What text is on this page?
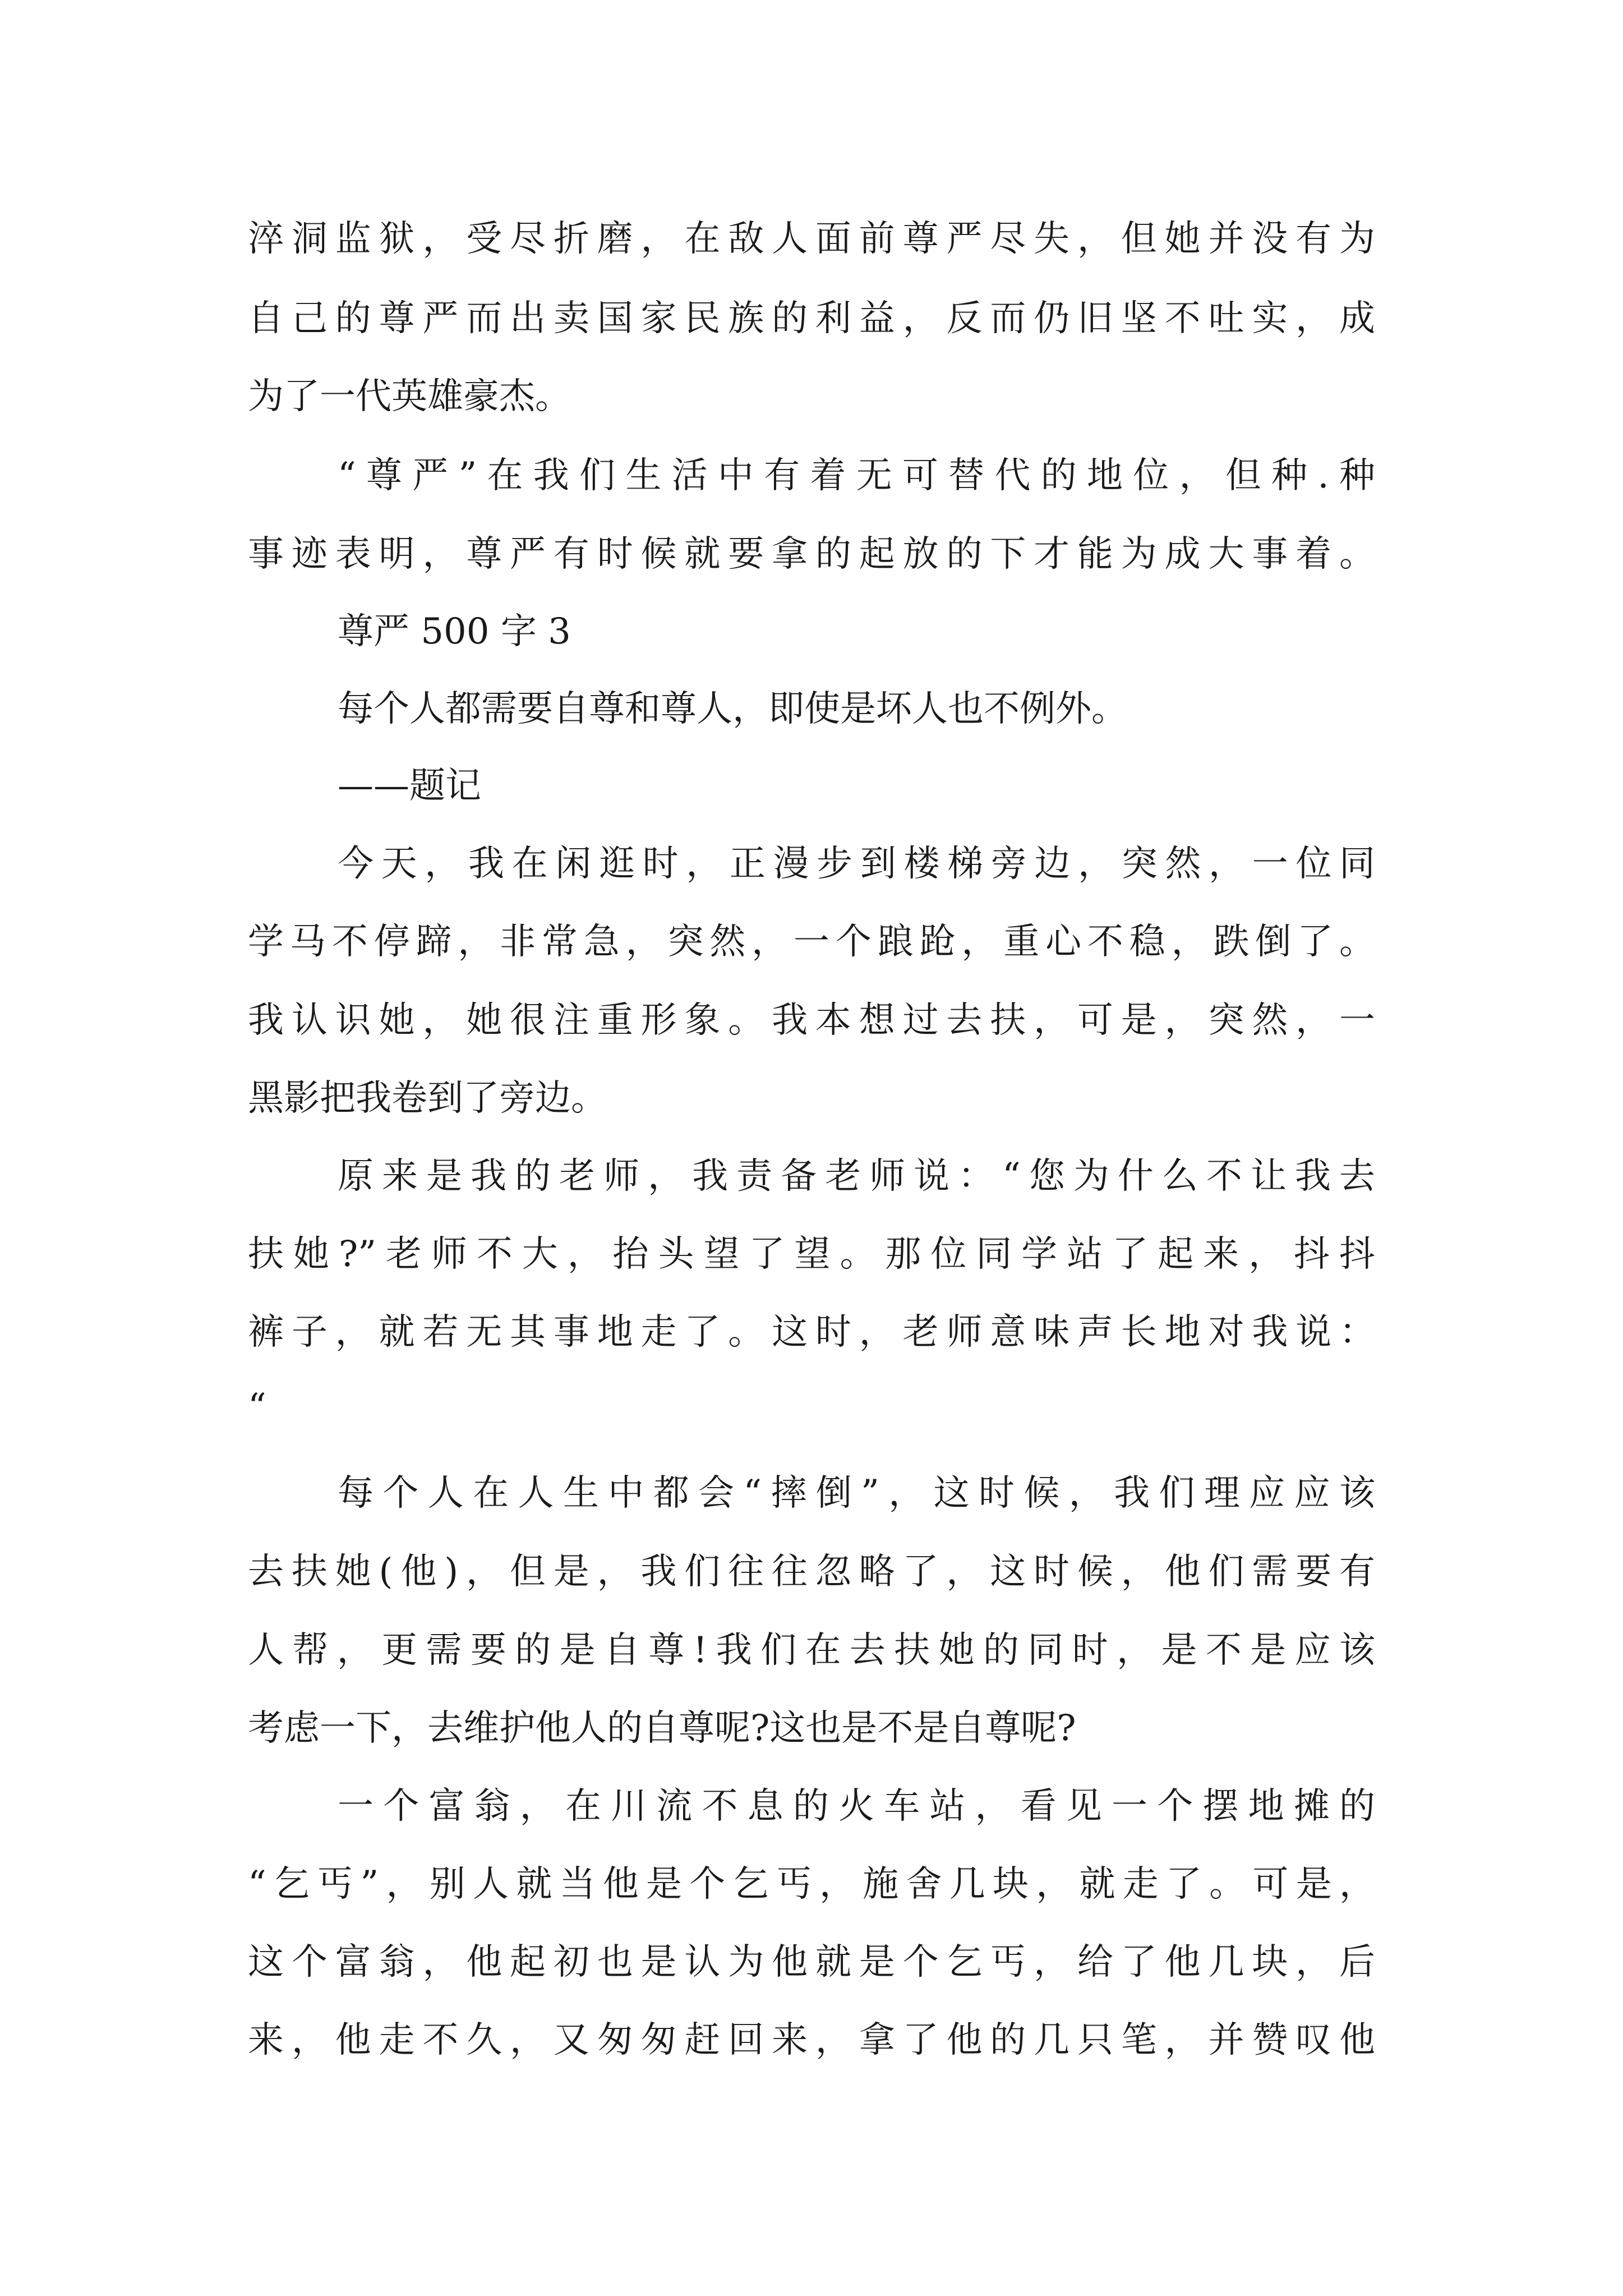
淬洞监狱，受尽折磨，在敌人面前尊严尽失，但她并没有为

自己的尊严而出卖国家民族的利益，反而仍旧坚不吐实，成

为了一代英雄豪杰。

“尊严”在我们生活中有着无可替代的地位，但种.种

事迹表明，尊严有时候就要拿的起放的下才能为成大事着。

尊严 500 字 3

每个人都需要自尊和尊人，即使是坏人也不例外。

——题记

今天，我在闲逛时，正漫步到楼梯旁边，突然，一位同

学马不停蹄，非常急，突然，一个踉跄，重心不稳，跌倒了。

我认识她，她很注重形象。我本想过去扶，可是，突然，一

黑影把我卷到了旁边。

原来是我的老师，我责备老师说：“您为什么不让我去

扶她?”老师不大，抬头望了望。那位同学站了起来，抖抖

裤子，就若无其事地走了。这时，老师意味声长地对我说：

“

每个人在人生中都会“摔倒”，这时候，我们理应应该

去扶她(他)，但是，我们往往忽略了，这时候，他们需要有

人帮，更需要的是自尊!我们在去扶她的同时，是不是应该

考虑一下，去维护他人的自尊呢?这也是不是自尊呢?

一个富翁，在川流不息的火车站，看见一个摆地摊的

“乞丐”，别人就当他是个乞丐，施舍几块，就走了。可是，

这个富翁，他起初也是认为他就是个乞丐，给了他几块，后

来，他走不久，又匆匆赶回来，拿了他的几只笔，并赞叹他
